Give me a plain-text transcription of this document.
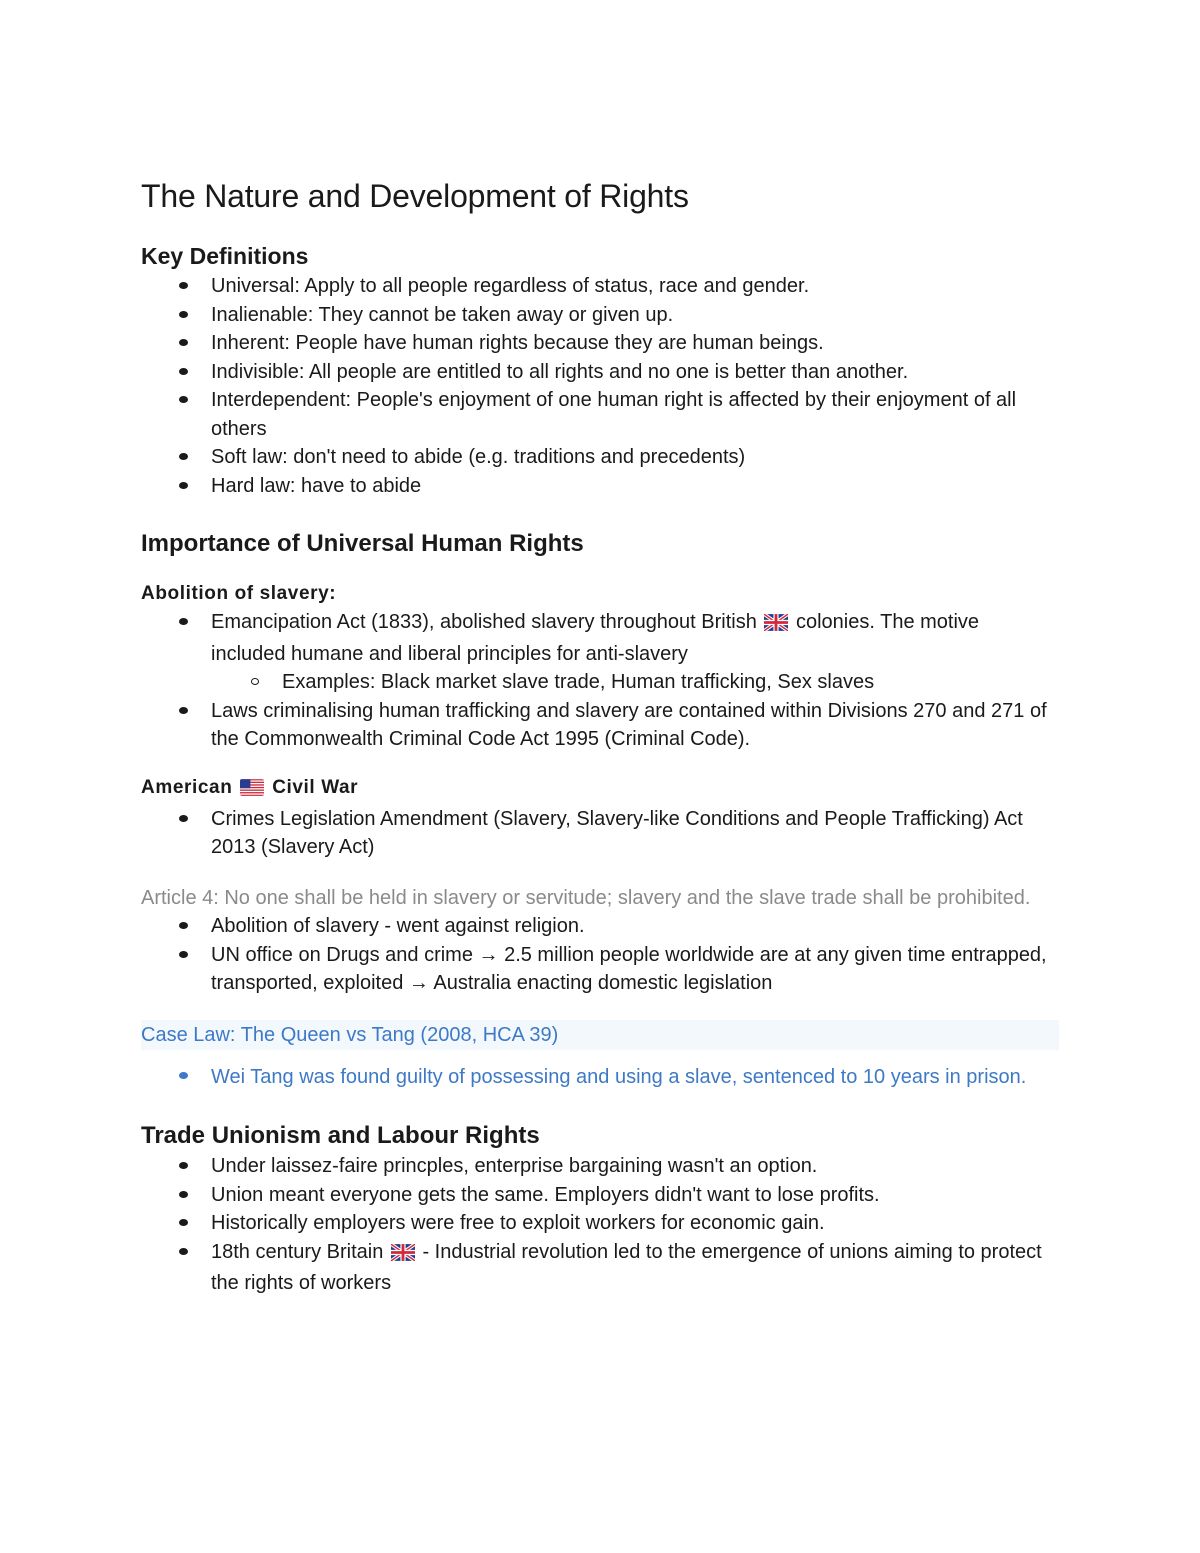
The Nature and Development of Rights
Key Definitions
Universal: Apply to all people regardless of status, race and gender.
Inalienable: They cannot be taken away or given up.
Inherent: People have human rights because they are human beings.
Indivisible: All people are entitled to all rights and no one is better than another.
Interdependent: People's enjoyment of one human right is affected by their enjoyment of all others
Soft law: don't need to abide (e.g. traditions and precedents)
Hard law: have to abide
Importance of Universal Human Rights
Abolition of slavery:
Emancipation Act (1833), abolished slavery throughout British colonies. The motive included humane and liberal principles for anti-slavery
Examples: Black market slave trade, Human trafficking, Sex slaves
Laws criminalising human trafficking and slavery are contained within Divisions 270 and 271 of the Commonwealth Criminal Code Act 1995 (Criminal Code).
American Civil War
Crimes Legislation Amendment (Slavery, Slavery-like Conditions and People Trafficking) Act 2013 (Slavery Act)

Article 4: No one shall be held in slavery or servitude; slavery and the slave trade shall be prohibited.

Abolition of slavery - went against religion.
UN office on Drugs and crime → 2.5 million people worldwide are at any given time entrapped, transported, exploited → Australia enacting domestic legislation

Case Law: The Queen vs Tang (2008, HCA 39)

Wei Tang was found guilty of possessing and using a slave, sentenced to 10 years in prison.
Trade Unionism and Labour Rights
Under laissez-faire princples, enterprise bargaining wasn't an option.
Union meant everyone gets the same. Employers didn't want to lose profits.
Historically employers were free to exploit workers for economic gain.
18th century Britain - Industrial revolution led to the emergence of unions aiming to protect the rights of workers
